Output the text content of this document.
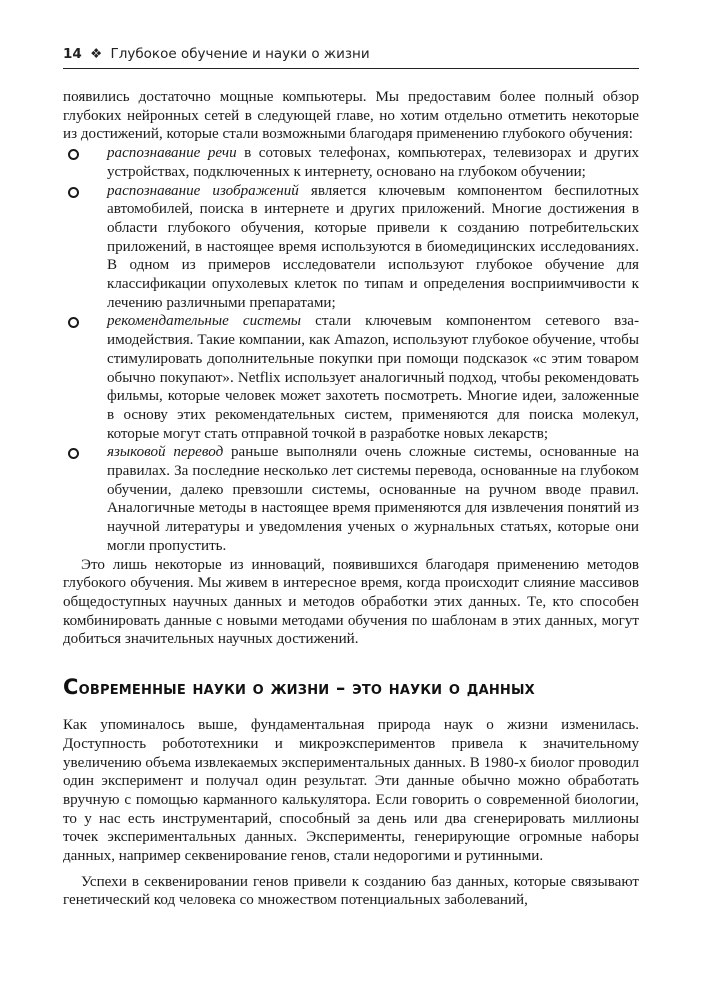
14 ❖ Глубокое обучение и науки о жизни

появились достаточно мощные компьютеры. Мы предоставим более полный обзор глубоких нейронных сетей в следующей главе, но хотим отдельно отметить некоторые из достижений, которые стали возможными благодаря применению глубокого обучения:

распознавание речи в сотовых телефонах, компьютерах, телевизорах и других устройствах, подключенных к интернету, основано на глубоком обучении;
распознавание изображений является ключевым компонентом беспилотных автомобилей, поиска в интернете и других приложений. Многие достижения в области глубокого обучения, которые привели к созданию потребительских приложений, в настоящее время используются в биомедицинских исследованиях. В одном из примеров исследователи используют глубокое обучение для классификации опухолевых клеток по типам и определения восприимчивости к лечению различными препаратами;
рекомендательные системы стали ключевым компонентом сетевого взаимодействия. Такие компании, как Amazon, используют глубокое обучение, чтобы стимулировать дополнительные покупки при помощи подсказок «с этим товаром обычно покупают». Netflix использует аналогичный подход, чтобы рекомендовать фильмы, которые человек может захотеть посмотреть. Многие идеи, заложенные в основу этих рекомендательных систем, применяются для поиска молекул, которые могут стать отправной точкой в разработке новых лекарств;
языковой перевод раньше выполняли очень сложные системы, основанные на правилах. За последние несколько лет системы перевода, основанные на глубоком обучении, далеко превзошли системы, основанные на ручном вводе правил. Аналогичные методы в настоящее время применяются для извлечения понятий из научной литературы и уведомления ученых о журнальных статьях, которые они могли пропустить.

Это лишь некоторые из инноваций, появившихся благодаря применению методов глубокого обучения. Мы живем в интересное время, когда происходит слияние массивов общедоступных научных данных и методов обработки этих данных. Те, кто способен комбинировать данные с новыми методами обучения по шаблонам в этих данных, могут добиться значительных научных достижений.

Современные науки о жизни – это науки о данных

Как упоминалось выше, фундаментальная природа наук о жизни изменилась. Доступность робототехники и микроэкспериментов привела к значительному увеличению объема извлекаемых экспериментальных данных. В 1980-х биолог проводил один эксперимент и получал один результат. Эти данные обычно можно обработать вручную с помощью карманного калькулятора. Если говорить о современной биологии, то у нас есть инструментарий, способный за день или два сгенерировать миллионы точек экспериментальных данных. Эксперименты, генерирующие огромные наборы данных, например секвенирование генов, стали недорогими и рутинными.

Успехи в секвенировании генов привели к созданию баз данных, которые связывают генетический код человека со множеством потенциальных заболеваний,
